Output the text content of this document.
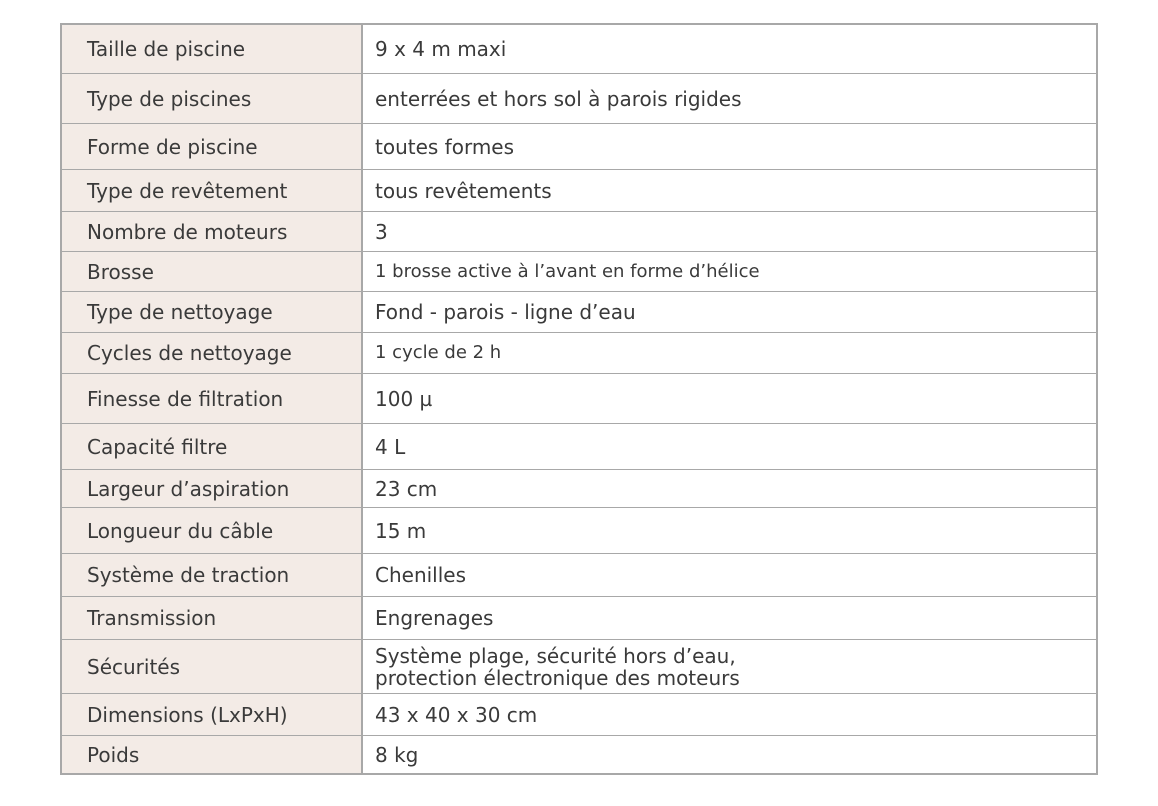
Taille de piscine	9 x 4 m maxi
Type de piscines	enterrées et hors sol à parois rigides
Forme de piscine	toutes formes
Type de revêtement	tous revêtements
Nombre de moteurs	3
Brosse	1 brosse active à l’avant en forme d’hélice
Type de nettoyage	Fond - parois - ligne d’eau
Cycles de nettoyage	1 cycle de 2 h
Finesse de filtration	100 µ
Capacité filtre	4 L
Largeur d’aspiration	23 cm
Longueur du câble	15 m
Système de traction	Chenilles
Transmission	Engrenages
Sécurités	Système plage, sécurité hors d’eau,
protection électronique des moteurs
Dimensions (LxPxH)	43 x 40 x 30 cm
Poids	8 kg
